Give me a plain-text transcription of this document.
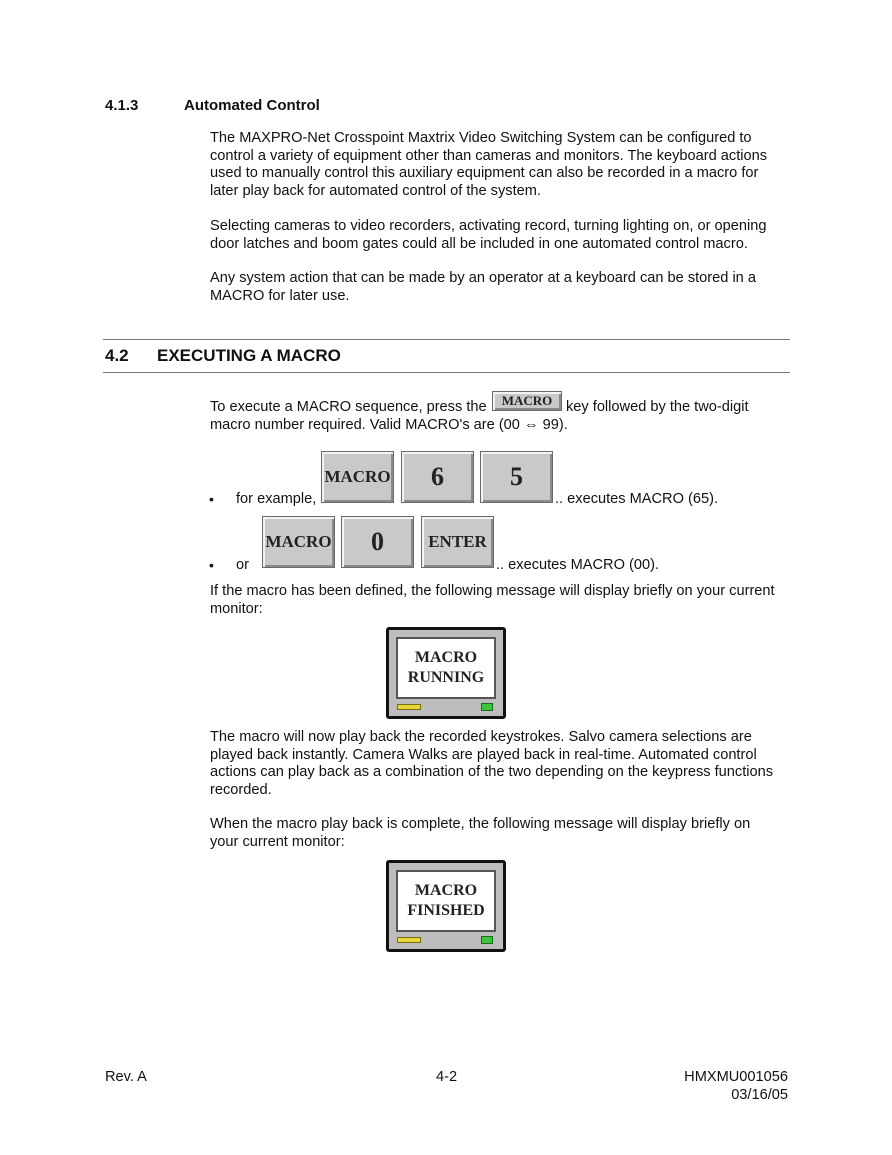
4.1.3	Automated Control
The MAXPRO-Net Crosspoint Maxtrix Video Switching System can be configured to
control a variety of equipment other than cameras and monitors. The keyboard actions
used to manually control this auxiliary equipment can also be recorded in a macro for
later play back for automated control of the system.
Selecting cameras to video recorders, activating record, turning lighting on, or opening
door latches and boom gates could all be included in one automated control macro.
Any system action that can be made by an operator at a keyboard can be stored in a
MACRO for later use.
4.2 EXECUTING A MACRO
To execute a MACRO sequence, press the	MACRO key followed by the two-digit
macro number required. Valid MACRO's are (00 ⇔ 99).
• for example,
MACRO	6	5
.. executes MACRO (65).
• or
MACRO	0	ENTER
.. executes MACRO (00).
If the macro has been defined, the following message will display briefly on your current
monitor:
MACRO
RUNNING
The macro will now play back the recorded keystrokes. Salvo camera selections are
played back instantly. Camera Walks are played back in real-time. Automated control
actions can play back as a combination of the two depending on the keypress functions
recorded.
When the macro play back is complete, the following message will display briefly on
your current monitor:
MACRO
FINISHED
Rev. A	4-2	HMXMU001056
03/16/05
